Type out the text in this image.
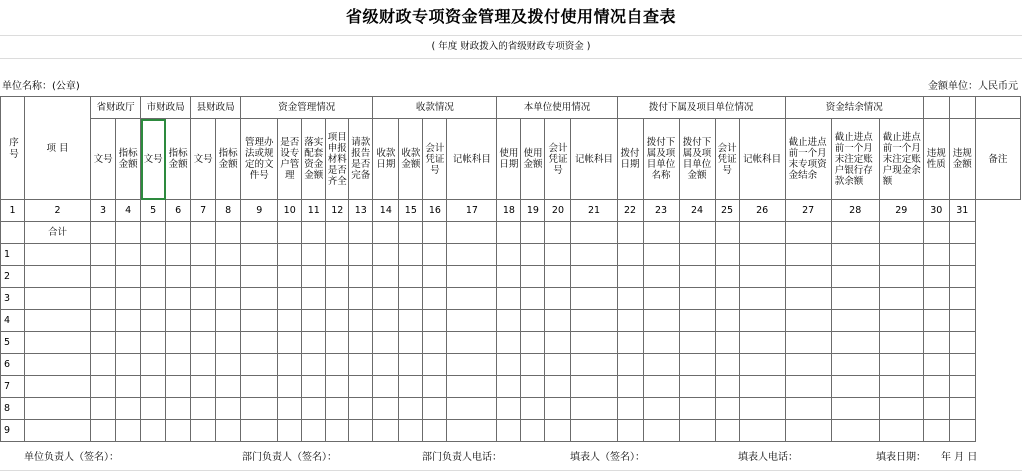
省级财政专项资金管理及拨付使用情况自查表
( 年度 财政拨入的省级财政专项资金 )
单位名称：(公章)	金额单位：人民币元
序号	项 目	省财政厅		市财政局		县财政局		资金管理情况					收款情况				本单位使用情况				拨付下属及项目单位情况					资金结余情况					
		文号	指标金额	文号	指标金额	文号	指标金额	管理办法或规定的文件号	是否设专户管理	落实配套资金金额	项目申报材料是否齐全	请款报告是否完备	收款日期	收款金额	会计凭证号	记帐科目	使用日期	使用金额	会计凭证号	记帐科目	拨付日期	拨付下属及项目单位名称	拨付下属及项目单位金额	会计凭证号	记帐科目	截止进点前一个月末专项资金结余	截止进点前一个月末注定账户银行存款余额	截止进点前一个月末注定账户现金余额	违规性质	违规金额	备注
1	2	3	4	5	6	7	8	9	10	11	12	13	14	15	16	17	18	19	20	21	22	23	24	25	26	27	28	29	30	31	
	合计																														
1																															
2																															
3																															
4																															
5																															
6																															
7																															
8																															
9																															
单位负责人（签名）：	部门负责人（签名）：	部门负责人电话：	填表人（签名）：	填表人电话：	填表日期： 年 月 日
